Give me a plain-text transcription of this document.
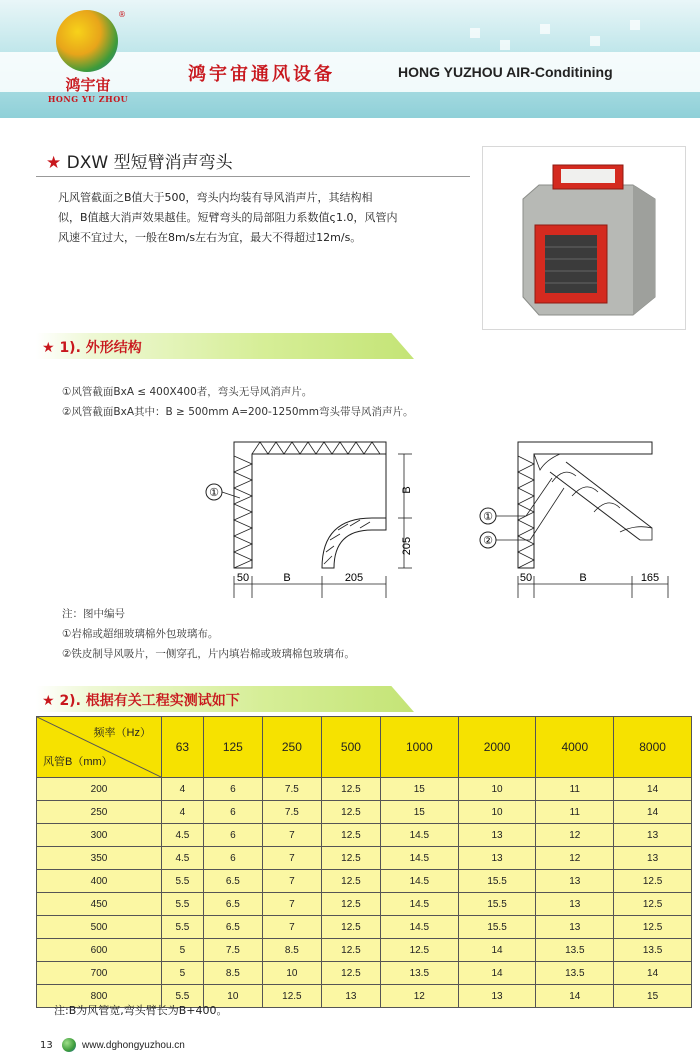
®
鸿宇宙
HONG YU ZHOU
鸿宇宙通风设备	HONG YUZHOU AIR-Conditining
★ DXW 型短臂消声弯头

凡风管截面之B值大于500，弯头内均装有导风消声片，其结构相

似，B值越大消声效果越佳。短臂弯头的局部阻力系数值ς1.0，风管内

风速不宜过大，一般在8m/s左右为宜，最大不得超过12m/s。

★ 1). 外形结构
①风管截面BxA ≤ 400X400者，弯头无导风消声片。
②风管截面BxA其中：B ≥ 500mm A=200-1250mm弯头带导风消声片。
①	B
205
50	B	205
①
②
50	B	165
注：图中编号
①岩棉或超细玻璃棉外包玻璃布。
②铁皮制导风吸片，一侧穿孔，片内填岩棉或玻璃棉包玻璃布。
★ 2). 根据有关工程实测试如下
频率（Hz）
风管B（mm）	63	125	250	500	1000	2000	4000	8000
200	4	6	7.5	12.5	15	10	11	14
250	4	6	7.5	12.5	15	10	11	14
300	4.5	6	7	12.5	14.5	13	12	13
350	4.5	6	7	12.5	14.5	13	12	13
400	5.5	6.5	7	12.5	14.5	15.5	13	12.5
450	5.5	6.5	7	12.5	14.5	15.5	13	12.5
500	5.5	6.5	7	12.5	14.5	15.5	13	12.5
600	5	7.5	8.5	12.5	12.5	14	13.5	13.5
700	5	8.5	10	12.5	13.5	14	13.5	14
800	5.5	10	12.5	13	12	13	14	15
注:B为风管宽,弯头臂长为B+400。
13	www.dghongyuzhou.cn
